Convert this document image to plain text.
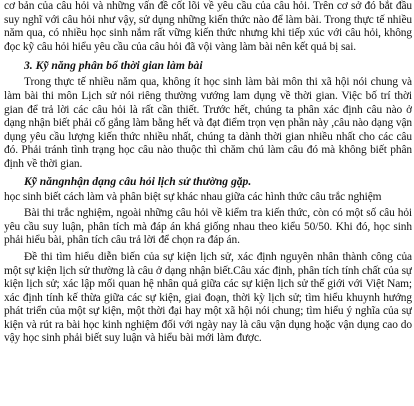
cơ bản của câu hỏi và những vấn đề cốt lõi về yêu cầu của câu hỏi. Trên cơ sở đó bắt đầu suy nghĩ với câu hỏi như vậy, sử dụng những kiến thức nào để làm bài. Trong thực tế nhiều năm qua, có nhiều học sinh nắm rất vững kiến thức nhưng khi tiếp xúc với câu hỏi, không đọc kỹ câu hỏi hiểu yêu cầu của câu hỏi đã vội vàng làm bài nên kết quả bị sai.

3. Kỹ năng phân bổ thời gian làm bài

Trong thực tế nhiều năm qua, không ít học sinh làm bài môn thi xã hội nói chung và làm bài thi môn Lịch sử nói riêng thường vướng lam dụng về thời gian. Việc bố trí thời gian để trả lời các câu hỏi là rất cần thiết. Trước hết, chúng ta phân xác định câu nào ở dạng nhận biết phải cố gắng làm bằng hết và đạt điểm trọn vẹn phần này ,câu nào dạng vận dụng yêu cầu lượng kiến thức nhiều nhất, chúng ta dành thời gian nhiều nhất cho các câu đó. Phải tránh tình trạng học câu nào thuộc thì chăm chú làm câu đó mà không biết phân định về thời gian.

Kỹ năngnhận dạng câu hỏi lịch sử thường gặp.

học sinh biết cách làm và phân biệt sự khác nhau giữa các hình thức câu trắc nghiệm

Bài thi trắc nghiệm, ngoài những câu hỏi về kiểm tra kiến thức, còn có một số câu hỏi yêu cầu suy luận, phân tích mà đáp án khá giống nhau theo kiểu 50/50. Khi đó, học sinh phải hiểu bài, phân tích câu trả lời để chọn ra đáp án.

Đề thi tìm hiểu diễn biến của sự kiện lịch sử, xác định nguyên nhân thành công của một sự kiện lịch sử thường là câu ở dạng nhận biết.Câu xác định, phân tích tính chất của sự kiện lịch sử; xác lập mối quan hệ nhân quả giữa các sự kiện lịch sử thế giới với Việt Nam; xác định tính kế thừa giữa các sự kiện, giai đoạn, thời kỳ lịch sử; tìm hiểu khuynh hướng phát triển của một sự kiện, một thời đại hay một xã hội nói chung; tìm hiểu ý nghĩa của sự kiện và rút ra bài học kinh nghiệm đối với ngày nay là câu vận dụng hoặc vận dụng cao do vậy học sinh phải biết suy luận và hiểu bài mới làm được.
